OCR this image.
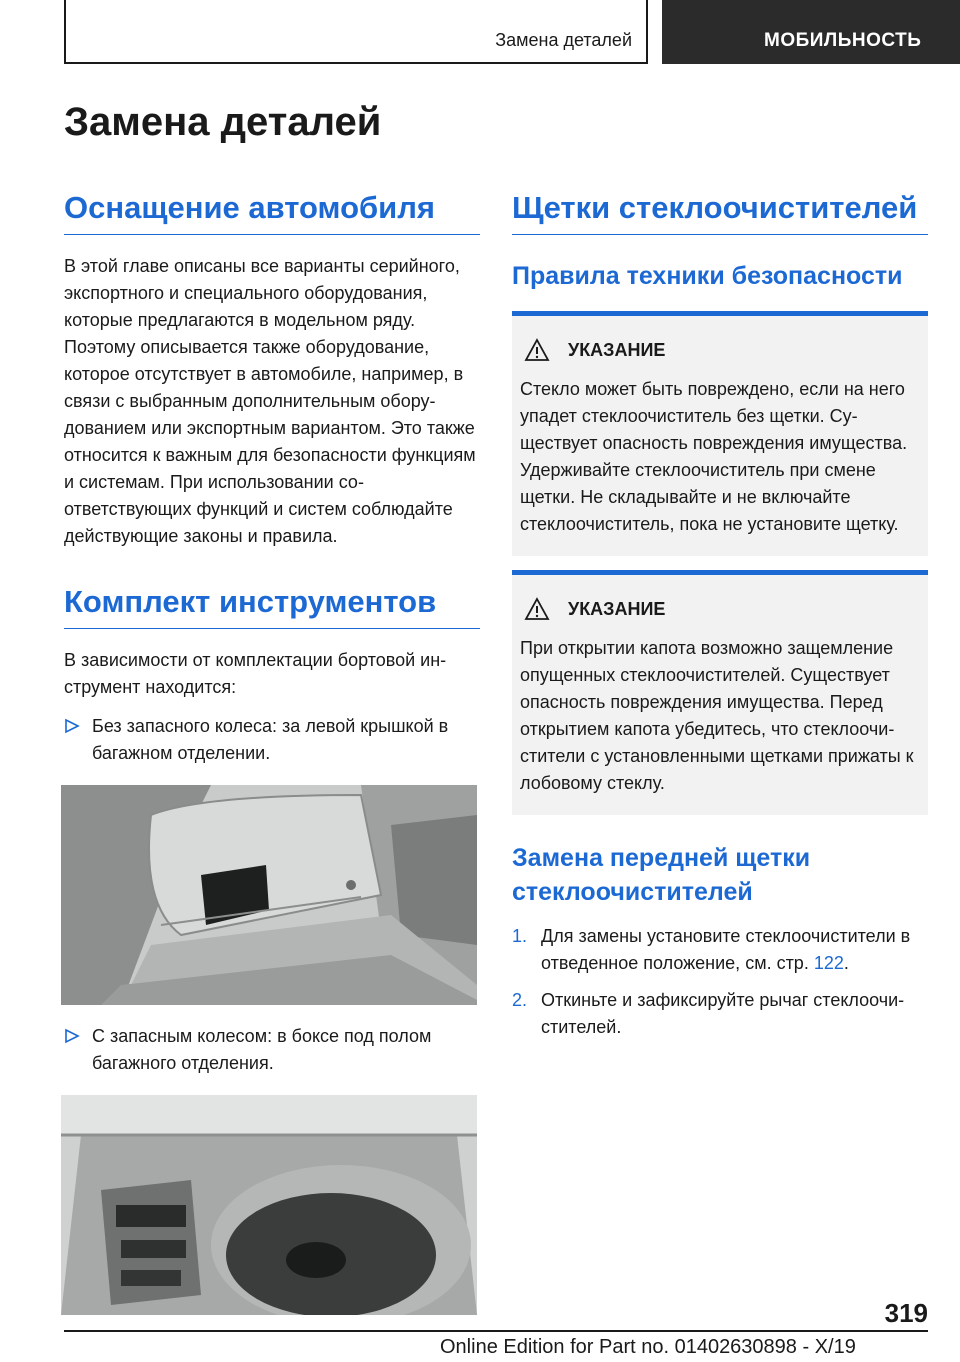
Замена деталей	МОБИЛЬНОСТЬ
Замена деталей
Оснащение автомобиля

В этой главе описаны все варианты серийного, экспортного и специального оборудования, которые предлагаются в модельном ряду. Поэтому описывается также оборудование, которое отсутствует в автомобиле, например, в связи с выбранным дополнительным оборудованием или экспортным вариантом. Это также относится к важным для безопасности функциям и системам. При использовании соответствующих функций и систем соблюдайте действующие законы и правила.

Комплект инструментов

В зависимости от комплектации бортовой инструмент находится:

Без запасного колеса: за левой крышкой в багажном отделении.
С запасным колесом: в боксе под полом багажного отделения.
Щетки стеклоочистителей
Правила техники безопасности
УКАЗАНИЕ

Стекло может быть повреждено, если на него упадет стеклоочиститель без щетки. Существует опасность повреждения имущества. Удерживайте стеклоочиститель при смене щетки. Не складывайте и не включайте стеклоочиститель, пока не установите щетку.

УКАЗАНИЕ

При открытии капота возможно защемление опущенных стеклоочистителей. Существует опасность повреждения имущества. Перед открытием капота убедитесь, что стеклоочистители с установленными щетками прижаты к лобовому стеклу.

Замена передней щетки стеклоочистителей
1. Для замены установите стеклоочистители в отведенное положение, см. стр. 122.
2. Откиньте и зафиксируйте рычаг стеклоочистителей.
319
Online Edition for Part no. 01402630898 - X/19
